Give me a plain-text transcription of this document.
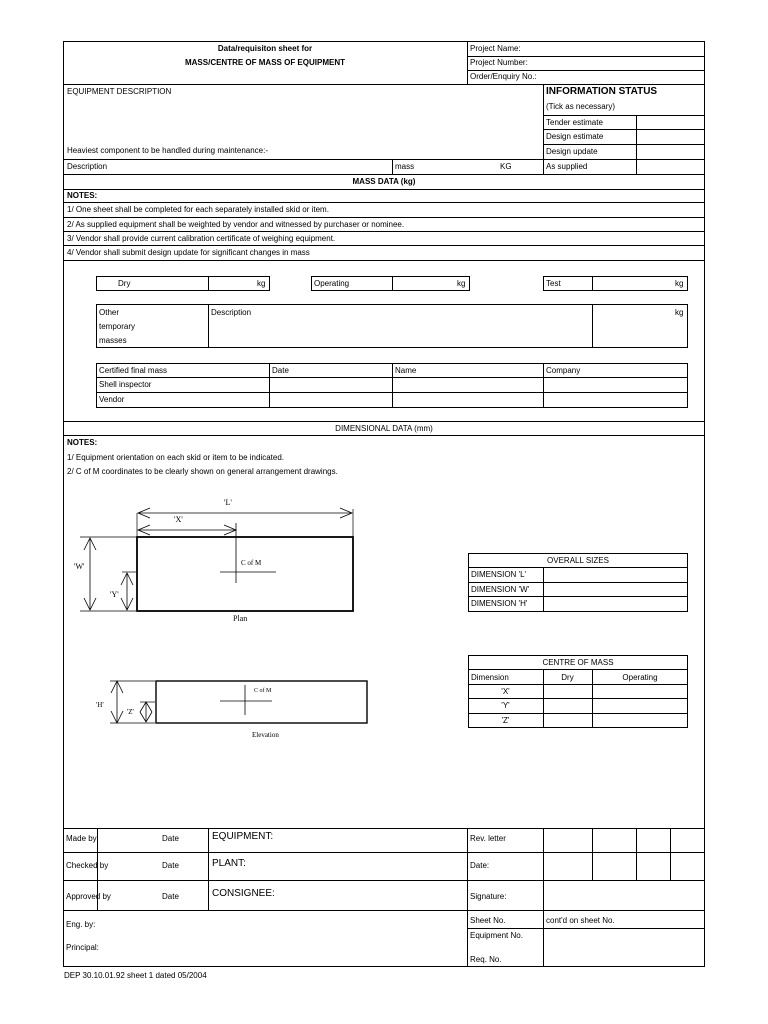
Data/requisiton sheet for
MASS/CENTRE OF MASS OF EQUIPMENT
Project Name:
Project Number:
Order/Enquiry No.:
EQUIPMENT DESCRIPTION
Heaviest component to be handled during maintenance:-
INFORMATION STATUS
(Tick as necessary)
Tender estimate
Design estimate
Design update
As supplied
Description	mass	KG
MASS DATA (kg)
NOTES:
1/ One sheet shall be completed for each separately installed skid or item.
2/ As supplied equipment shall be weighted by vendor and witnessed by purchaser or nominee.
3/ Vendor shall provide current calibration certificate of weighing equipment.
4/ Vendor shall submit design update for significant changes in mass
Dry	kg	Operating	kg	Test	kg
Other
temporary
masses
Description	kg
Certified final mass	Date	Name	Company
Shell inspector
Vendor
DIMENSIONAL DATA (mm)
NOTES:
1/ Equipment orientation on each skid or item to be indicated.
2/ C of M coordinates to be clearly shown on general arrangement drawings.
'L'
'X'
'W'
'Y'
C of M
Plan
'H'
'Z'
C of M
Elevation
OVERALL SIZES
DIMENSION 'L'
DIMENSION 'W'
DIMENSION 'H'
CENTRE OF MASS
Dimension	Dry	Operating
'X'
'Y'
'Z'
Made by	Date	EQUIPMENT:	Rev. letter
Checked by	Date	PLANT:	Date:
Approved by	Date	CONSIGNEE:	Signature:
Eng. by:
Principal:
Sheet No.	cont'd on sheet No.
Equipment No.
Req. No.
DEP 30.10.01.92 sheet 1 dated 05/2004
